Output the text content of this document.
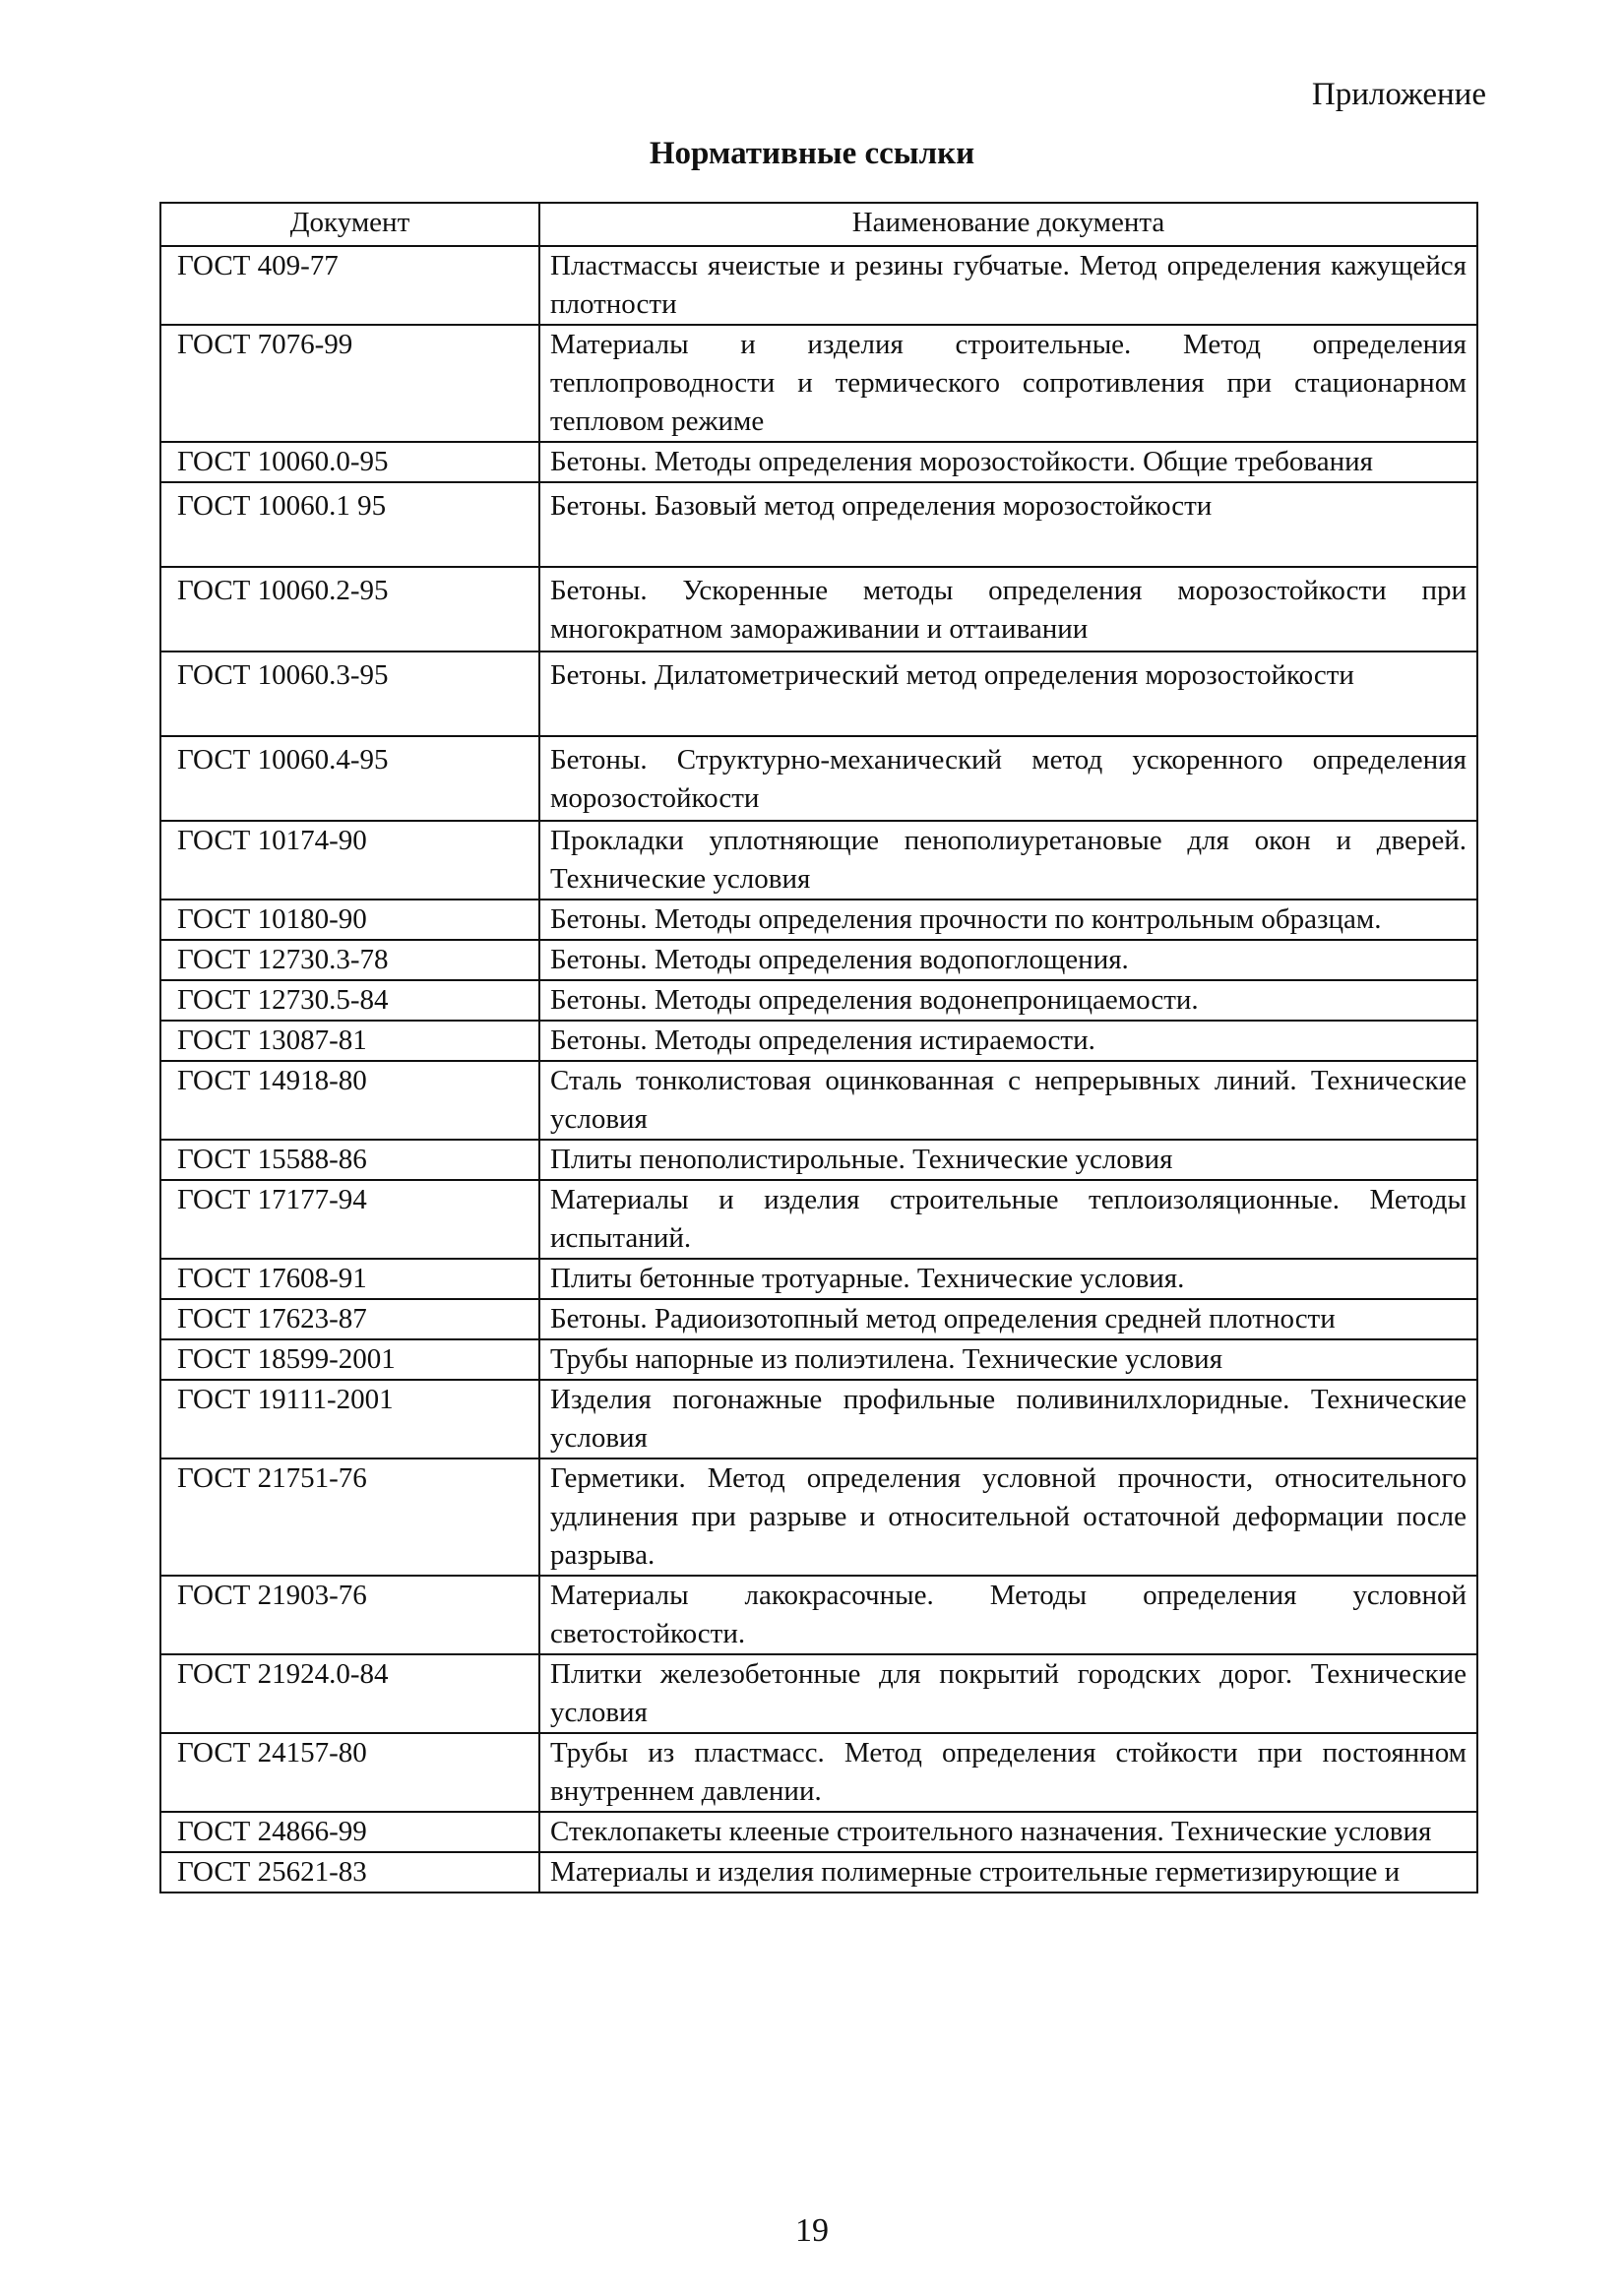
Приложение
Нормативные ссылки
Документ	Наименование документа
ГОСТ 409-77	Пластмассы ячеистые и резины губчатые. Метод определения кажущейся плотности
ГОСТ 7076-99	Материалы и изделия строительные. Метод определения теплопроводности и термического сопротивления при стационарном тепловом режиме
ГОСТ 10060.0-95	Бетоны. Методы определения морозостойкости. Общие требования
ГОСТ 10060.1 95	Бетоны. Базовый метод определения морозостойкости
ГОСТ 10060.2-95	Бетоны. Ускоренные методы определения морозостойкости при многократном замораживании и оттаивании
ГОСТ 10060.3-95	Бетоны. Дилатометрический метод определения морозостойкости
ГОСТ 10060.4-95	Бетоны. Структурно-механический метод ускоренного определения морозостойкости
ГОСТ 10174-90	Прокладки уплотняющие пенополиуретановые для окон и дверей. Технические условия
ГОСТ 10180-90	Бетоны. Методы определения прочности по контрольным образцам.
ГОСТ 12730.3-78	Бетоны. Методы определения водопоглощения.
ГОСТ 12730.5-84	Бетоны. Методы определения водонепроницаемости.
ГОСТ 13087-81	Бетоны. Методы определения истираемости.
ГОСТ 14918-80	Сталь тонколистовая оцинкованная с непрерывных линий. Технические условия
ГОСТ 15588-86	Плиты пенополистирольные. Технические условия
ГОСТ 17177-94	Материалы и изделия строительные теплоизоляционные. Методы испытаний.
ГОСТ 17608-91	Плиты бетонные тротуарные. Технические условия.
ГОСТ 17623-87	Бетоны. Радиоизотопный метод определения средней плотности
ГОСТ 18599-2001	Трубы напорные из полиэтилена. Технические условия
ГОСТ 19111-2001	Изделия погонажные профильные поливинилхлоридные. Технические условия
ГОСТ 21751-76	Герметики. Метод определения условной прочности, относительного удлинения при разрыве и относительной остаточной деформации после разрыва.
ГОСТ 21903-76	Материалы лакокрасочные. Методы определения условной светостойкости.
ГОСТ 21924.0-84	Плитки железобетонные для покрытий городских дорог. Технические условия
ГОСТ 24157-80	Трубы из пластмасс. Метод определения стойкости при постоянном внутреннем давлении.
ГОСТ 24866-99	Стеклопакеты клееные строительного назначения. Технические условия
ГОСТ 25621-83	Материалы и изделия полимерные строительные герметизирующие и
19
